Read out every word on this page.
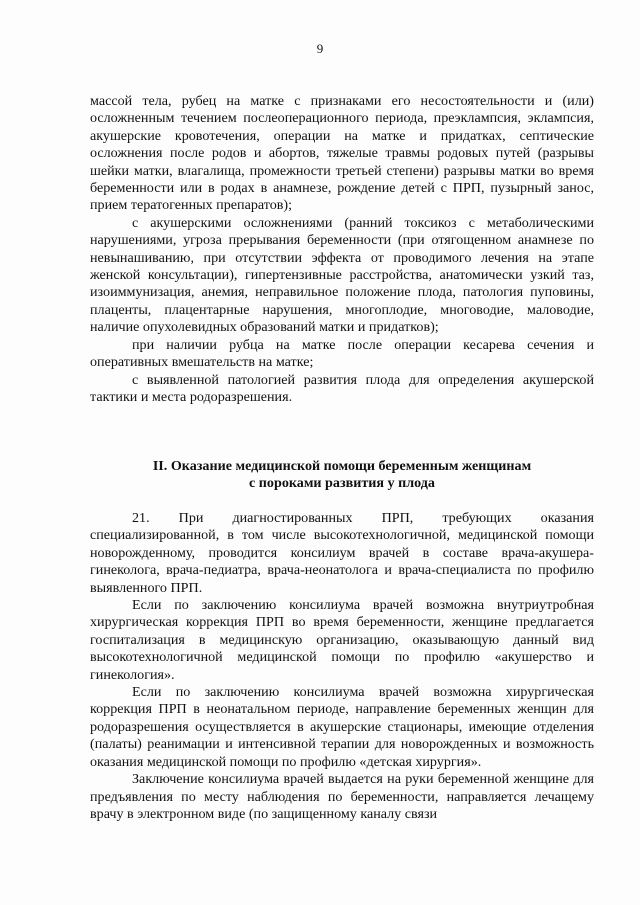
9

массой тела, рубец на матке с признаками его несостоятельности и (или) осложненным течением послеоперационного периода, преэклампсия, эклампсия, акушерские кровотечения, операции на матке и придатках, септические осложнения после родов и абортов, тяжелые травмы родовых путей (разрывы шейки матки, влагалища, промежности третьей степени) разрывы матки во время беременности или в родах в анамнезе, рождение детей с ПРП, пузырный занос, прием тератогенных препаратов);

с акушерскими осложнениями (ранний токсикоз с метаболическими нарушениями, угроза прерывания беременности (при отягощенном анамнезе по невынашиванию, при отсутствии эффекта от проводимого лечения на этапе женской консультации), гипертензивные расстройства, анатомически узкий таз, изоиммунизация, анемия, неправильное положение плода, патология пуповины, плаценты, плацентарные нарушения, многоплодие, многоводие, маловодие, наличие опухолевидных образований матки и придатков);

при наличии рубца на матке после операции кесарева сечения и оперативных вмешательств на матке;

с выявленной патологией развития плода для определения акушерской тактики и места родоразрешения.

II. Оказание медицинской помощи беременным женщинам
с пороками развития у плода

21. При диагностированных ПРП, требующих оказания специализированной, в том числе высокотехнологичной, медицинской помощи новорожденному, проводится консилиум врачей в составе врача-акушера-гинеколога, врача-педиатра, врача-неонатолога и врача-специалиста по профилю выявленного ПРП.

Если по заключению консилиума врачей возможна внутриутробная хирургическая коррекция ПРП во время беременности, женщине предлагается госпитализация в медицинскую организацию, оказывающую данный вид высокотехнологичной медицинской помощи по профилю «акушерство и гинекология».

Если по заключению консилиума врачей возможна хирургическая коррекция ПРП в неонатальном периоде, направление беременных женщин для родоразрешения осуществляется в акушерские стационары, имеющие отделения (палаты) реанимации и интенсивной терапии для новорожденных и возможность оказания медицинской помощи по профилю «детская хирургия».

Заключение консилиума врачей выдается на руки беременной женщине для предъявления по месту наблюдения по беременности, направляется лечащему врачу в электронном виде (по защищенному каналу связи
